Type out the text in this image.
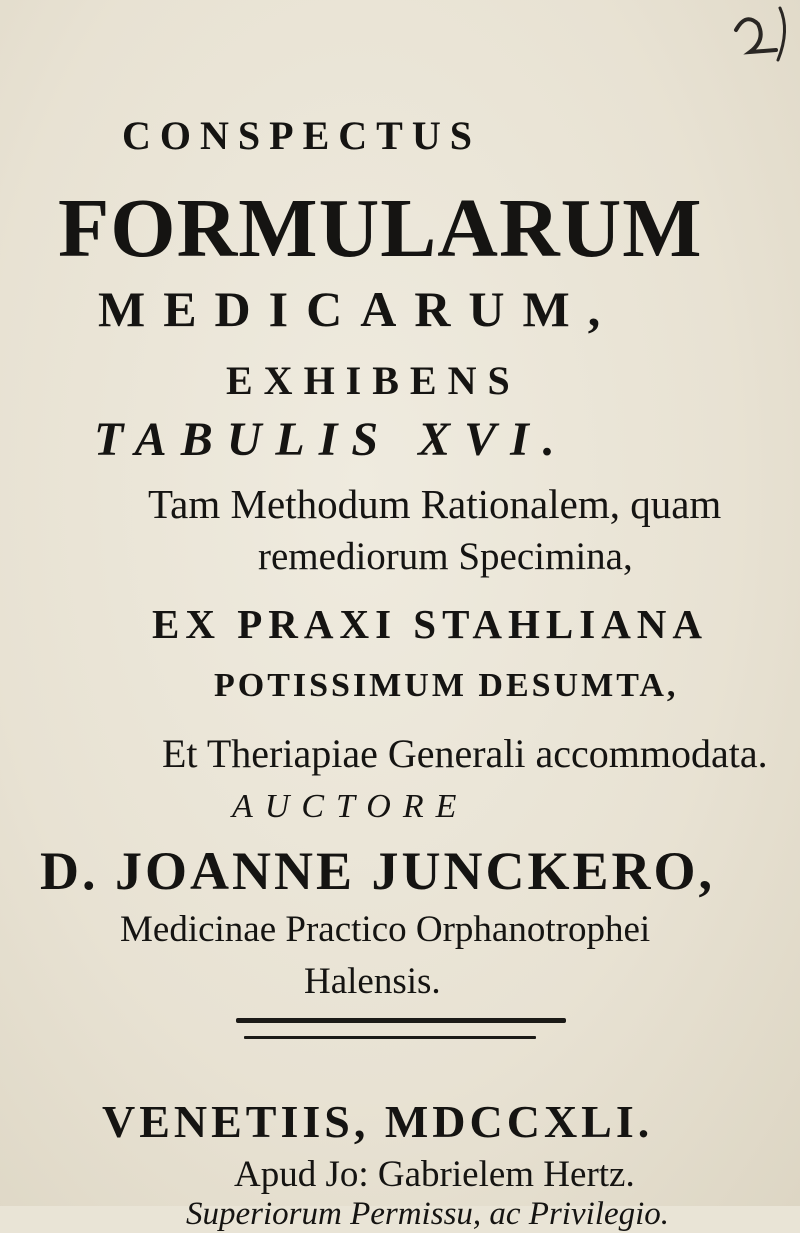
CONSPECTUS
FORMULARUM
MEDICARUM,
EXHIBENS
TABULIS XVI.
Tam Methodum Rationalem, quam
remediorum Specimina,
EX PRAXI STAHLIANA
POTISSIMUM DESUMTA,
Et Theriapiae Generali accommodata.
AUCTORE
D. JOANNE JUNCKERO,
Medicinae Practico Orphanotrophei
Halensis.
VENETIIS, MDCCXLI.
Apud Jo: Gabrielem Hertz.
Superiorum Permissu, ac Privilegio.
